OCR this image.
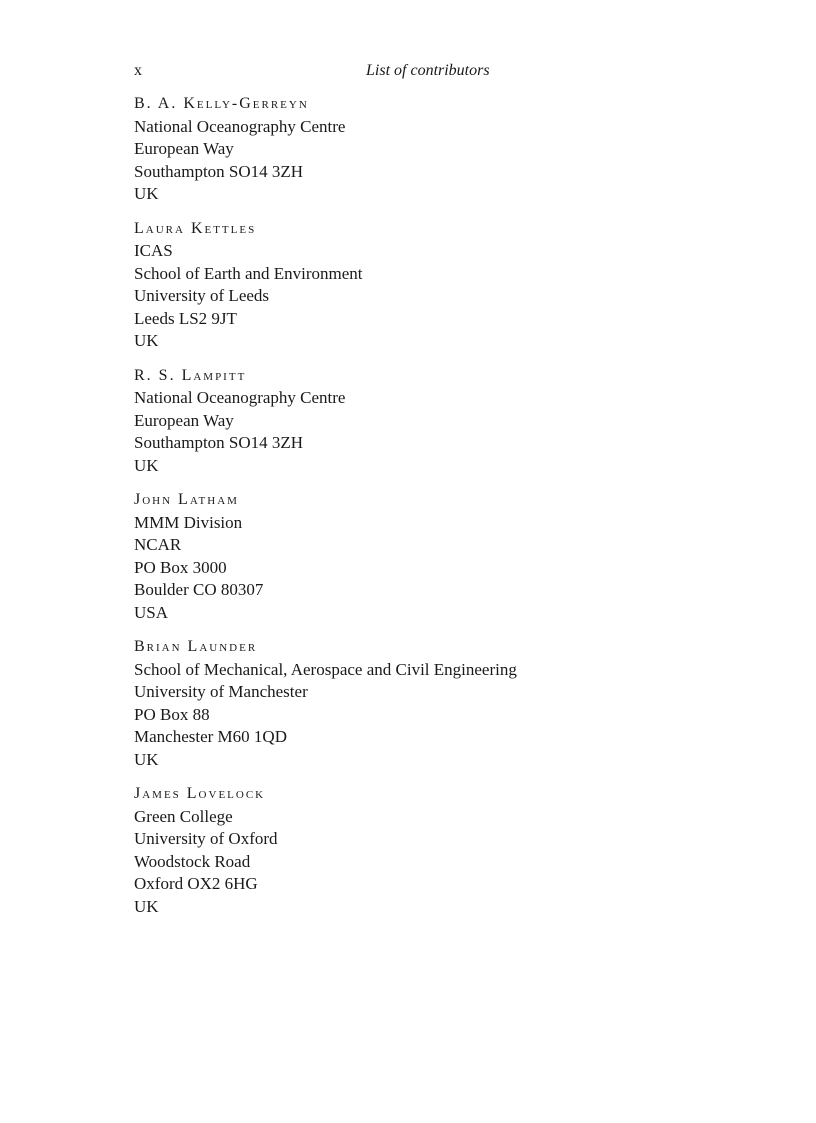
x	List of contributors
B. A. Kelly-Gerreyn
National Oceanography Centre
European Way
Southampton SO14 3ZH
UK
Laura Kettles
ICAS
School of Earth and Environment
University of Leeds
Leeds LS2 9JT
UK
R. S. Lampitt
National Oceanography Centre
European Way
Southampton SO14 3ZH
UK
John Latham
MMM Division
NCAR
PO Box 3000
Boulder CO 80307
USA
Brian Launder
School of Mechanical, Aerospace and Civil Engineering
University of Manchester
PO Box 88
Manchester M60 1QD
UK
James Lovelock
Green College
University of Oxford
Woodstock Road
Oxford OX2 6HG
UK
